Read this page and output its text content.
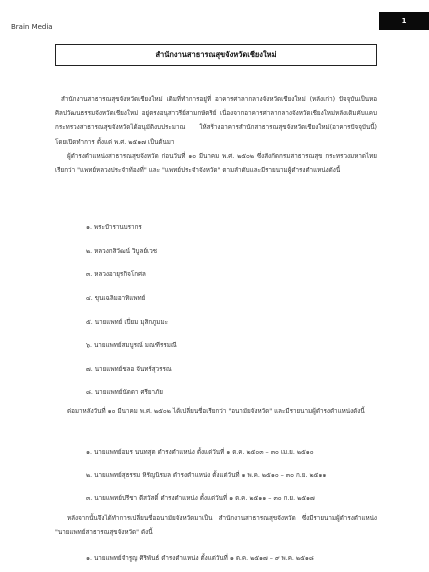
Brain Media
1
สำนักงานสาธารณสุขจังหวัดเชียงใหม่
สำนักงานสาธารณสุขจังหวัดเชียงใหม่ เดิมที่ทำการอยู่ที่ อาคารศาลากลางจังหวัดเชียงใหม่ (หลังเก่า) ปัจจุบันเป็นหอศิลปวัฒนธรรมจังหวัดเชียงใหม่ อยู่ตรงอนุสาวรีย์สามกษัตริย์ เนื่องจากอาคารศาลากลางจังหวัดเชียงใหม่หลังเดิมคับแคบ กระทรวงสาธารณสุขจังหวัดได้อนุมัติงบประมาณ ให้สร้างอาคารสำนักสาธารณสุขจังหวัดเชียงใหม่(อาคารปัจจุบันนี้) โดยเปิดทำการ ตั้งแต่ พ.ศ. ๒๕๑๗ เป็นต้นมา
ผู้ดำรงตำแหน่งสาธารณสุขจังหวัด ก่อนวันที่ ๑๐ มีนาคม พ.ศ. ๒๕๐๒ ซึ่งสังกัดกรมสาธารณสุข กระทรวงมหาดไทย เรียกว่า "แพทย์หลวงประจำท้องที่" และ "แพทย์ประจำจังหวัด" ตามลำดับและมีรายนามผู้ดำรงตำแหน่งดังนี้
๑. พระปำรานบรากร
๒. หลวงกสิวัฒน์ วิบูลย์เวช
๓. หลวงอายุรกิจโกศล
๔. ขุนเฉลิมอาทิแพทย์
๕. นายแพทย์ เปี่ยม มุสิกภูมมะ
๖. นายแพทย์สมบูรณ์ มณฑีรรมณี
๗. นายแพทย์ชลอ จันทร์สุวรรณ
๘. นายแพทย์นัดดา ศรียาภัย
ต่อมาหลังวันที่ ๑๐ มีนาคม พ.ศ. ๒๕๐๒ ได้เปลี่ยนชื่อเรียกว่า "อนามัยจังหวัด" และมีรายนามผู้ดำรงตำแหน่งดังนี้
๑. นายแพทย์อมร นนทสุต ดำรงตำแหน่ง ตั้งแต่วันที่ ๑ ต.ค. ๒๕๐๓ – ๓๐ เม.ย. ๒๕๑๐
๒. นายแพทย์สุธรรม หิรัญนิรมล ดำรงตำแหน่ง ตั้งแต่วันที่ ๑ พ.ค. ๒๕๑๐ – ๓๐ ก.ย. ๒๕๑๑
๓. นายแพทย์ปรีชา ดีสวัสดิ์ ดำรงตำแหน่ง ตั้งแต่วันที่ ๑ ต.ค. ๒๕๑๑ – ๓๐ ก.ย. ๒๕๑๗
หลังจากนั้นจึงได้ทำการเปลี่ยนชื่ออนามัยจังหวัดมาเป็น สำนักงานสาธารณสุขจังหวัด ซึ่งมีรายนามผู้ดำรงตำแหน่ง "นายแพทย์สาธารณสุขจังหวัด" ดังนี้
๑. นายแพทย์จำรูญ ศิริพันธ์ ดำรงตำแหน่ง ตั้งแต่วันที่ ๑ ต.ค. ๒๕๑๗ – ๙ พ.ค. ๒๕๑๘
